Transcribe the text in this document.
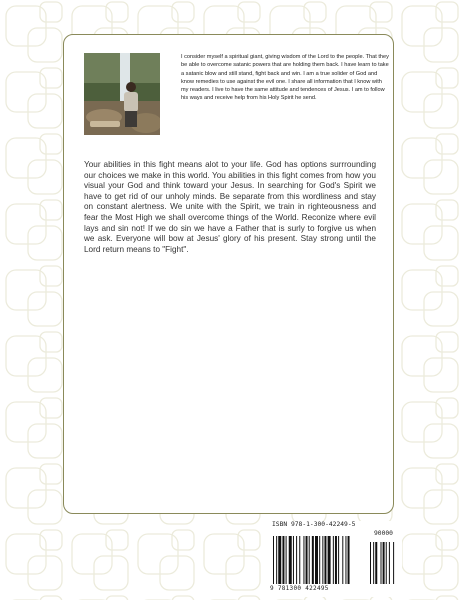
I consider myself a spiritual giant, giving wisdom of the Lord to the people. That they be able to overcome satanic powers that are holding them back. I have learn to take a satanic blow and still stand, fight back and win. I am a true solider of God and know remedies to use against the evil one. I share all information that I know with my readers. I live to have the same attitude and tendences of Jesus. I am to follow his ways and receive help from his Holy Spirit he send.

Your abilities in this fight means alot to your life. God has options surrrounding our choices we make in this world. You abilities in this fight comes from how you visual your God and think toward your Jesus. In searching for God's Spirit we have to get rid of our unholy minds. Be separate from this wordliness and stay on constant alertness. We unite with the Spirit, we train in righteousness and fear the Most High we shall overcome things of the World. Reconize where evil lays and sin not! If we do sin we have a Father that is surly to forgive us when we ask. Everyone will bow at Jesus' glory of his present. Stay strong until the Lord return means to "Fight".

ISBN 978-1-300-42249-5
90000
9 781300 422495
